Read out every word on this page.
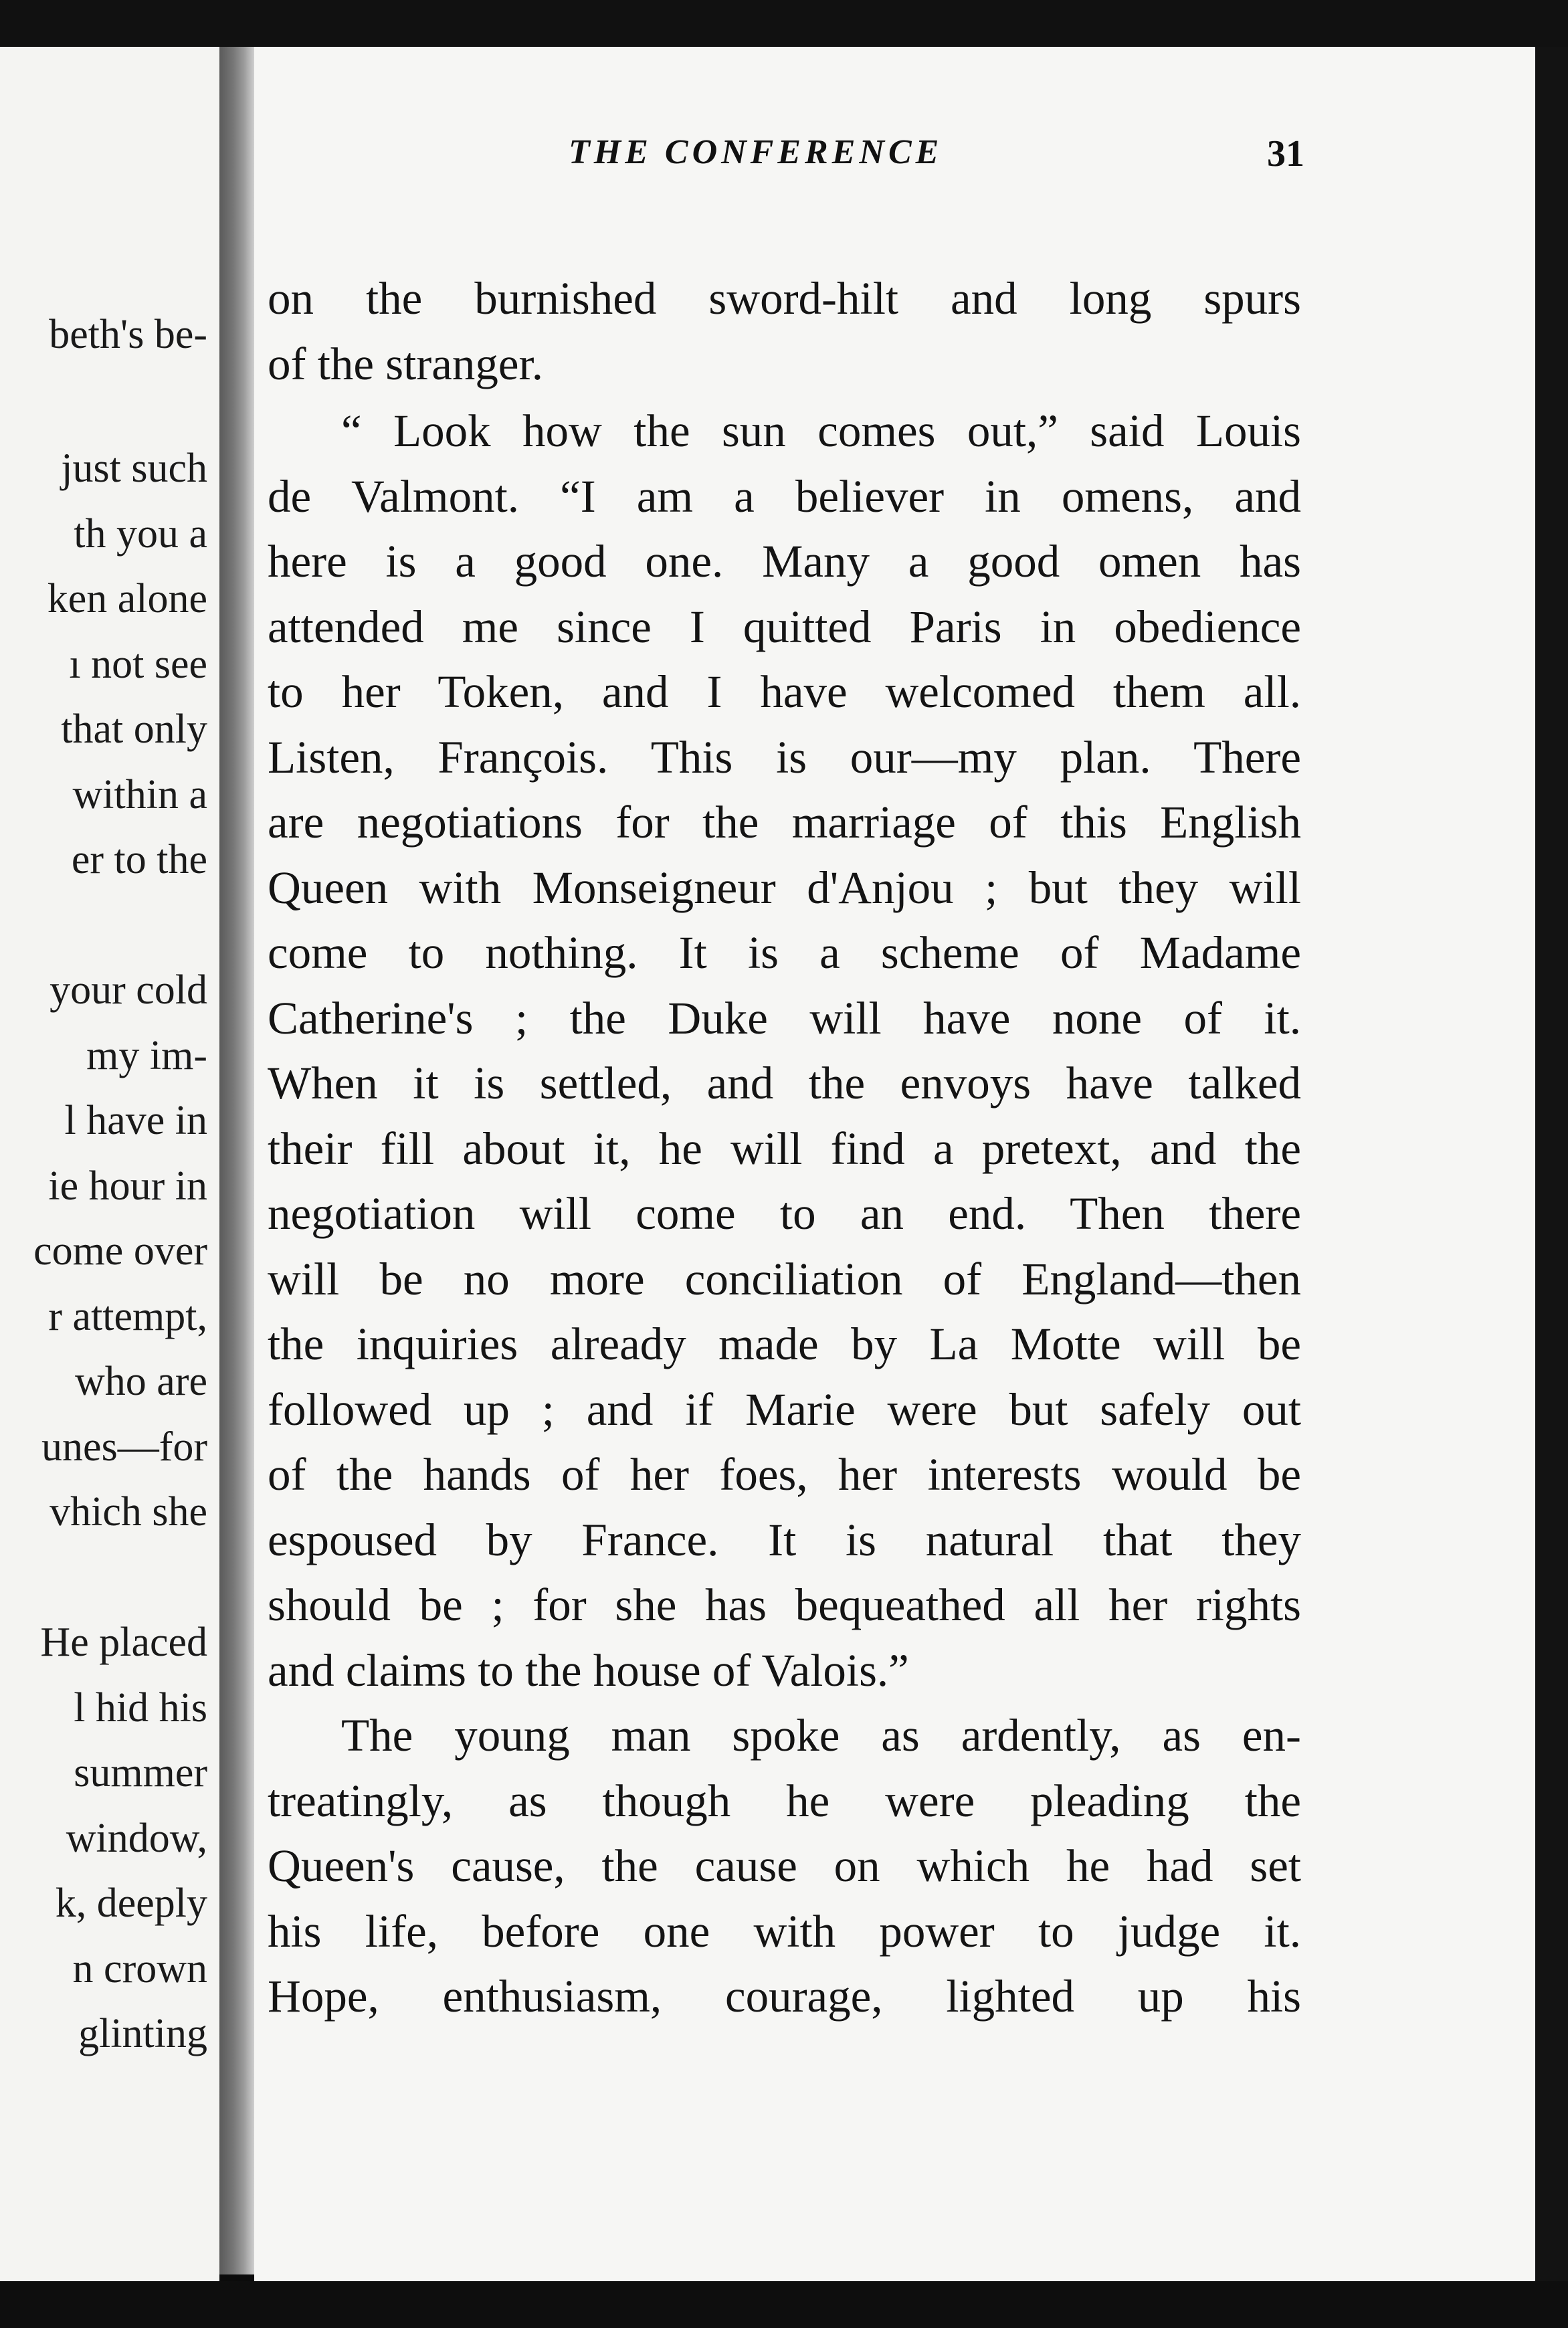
beth's be-
just such
th you a
ken alone
ı not see
that only
within a
er to the
your cold
my im-
l have in
ie hour in
come over
r attempt,
who are
unes—for
vhich she
He placed
l hid his
summer
window,
k, deeply
n crown
glinting
THE CONFERENCE	31
on the burnished sword-hilt and long spurs
of the stranger.
“ Look how the sun comes out,” said Louis
de Valmont. “I am a believer in omens, and
here is a good one. Many a good omen has
attended me since I quitted Paris in obedience
to her Token, and I have welcomed them all.
Listen, François. This is our—my plan. There
are negotiations for the marriage of this English
Queen with Monseigneur d'Anjou ; but they will
come to nothing. It is a scheme of Madame
Catherine's ; the Duke will have none of it.
When it is settled, and the envoys have talked
their fill about it, he will find a pretext, and the
negotiation will come to an end. Then there
will be no more conciliation of England—then
the inquiries already made by La Motte will be
followed up ; and if Marie were but safely out
of the hands of her foes, her interests would be
espoused by France. It is natural that they
should be ; for she has bequeathed all her rights
and claims to the house of Valois.”
The young man spoke as ardently, as en-
treatingly, as though he were pleading the
Queen's cause, the cause on which he had set
his life, before one with power to judge it.
Hope, enthusiasm, courage, lighted up his
